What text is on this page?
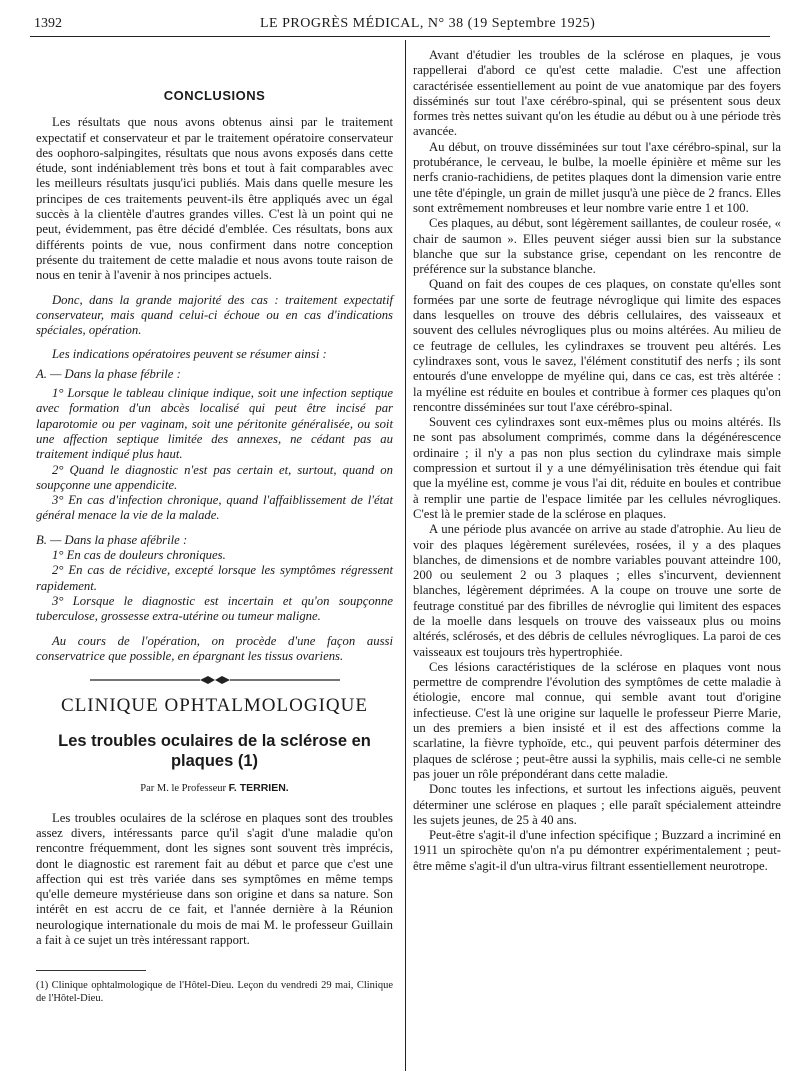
1392	LE PROGRÈS MÉDICAL, N° 38 (19 Septembre 1925)
CONCLUSIONS

Les résultats que nous avons obtenus ainsi par le traitement expectatif et conservateur et par le traitement opératoire conservateur des oophoro-salpingites, résultats que nous avons exposés dans cette étude, sont indéniablement très bons et tout à fait comparables avec les meilleurs résultats jusqu'ici publiés. Mais dans quelle mesure les principes de ces traitements peuvent-ils être appliqués avec un égal succès à la clientèle d'autres grandes villes. C'est là un point qui ne peut, évidemment, pas être décidé d'emblée. Ces résultats, bons aux différents points de vue, nous confirment dans notre conception présente du traitement de cette maladie et nous avons toute raison de nous en tenir à l'avenir à nos principes actuels.

Donc, dans la grande majorité des cas : traitement expectatif conservateur, mais quand celui-ci échoue ou en cas d'indications spéciales, opération.

Les indications opératoires peuvent se résumer ainsi :

A. — Dans la phase fébrile :

1° Lorsque le tableau clinique indique, soit une infection septique avec formation d'un abcès localisé qui peut être incisé par laparotomie ou per vaginam, soit une péritonite généralisée, ou soit une affection septique limitée des annexes, ne cédant pas au traitement indiqué plus haut.

2° Quand le diagnostic n'est pas certain et, surtout, quand on soupçonne une appendicite.

3° En cas d'infection chronique, quand l'affaiblissement de l'état général menace la vie de la malade.

B. — Dans la phase afébrile :

1° En cas de douleurs chroniques.

2° En cas de récidive, excepté lorsque les symptômes régressent rapidement.

3° Lorsque le diagnostic est incertain et qu'on soupçonne tuberculose, grossesse extra-utérine ou tumeur maligne.

Au cours de l'opération, on procède d'une façon aussi conservatrice que possible, en épargnant les tissus ovariens.

CLINIQUE OPHTALMOLOGIQUE
Les troubles oculaires de la sclérose en plaques (1)
Par M. le Professeur F. TERRIEN.

Les troubles oculaires de la sclérose en plaques sont des troubles assez divers, intéressants parce qu'il s'agit d'une maladie qu'on rencontre fréquemment, dont les signes sont souvent très imprécis, dont le diagnostic est rarement fait au début et parce que c'est une affection qui est très variée dans ses symptômes en même temps qu'elle demeure mystérieuse dans son origine et dans sa nature. Son intérêt en est accru de ce fait, et l'année dernière à la Réunion neurologique internationale du mois de mai M. le professeur Guillain a fait à ce sujet un très intéressant rapport.

(1) Clinique ophtalmologique de l'Hôtel-Dieu. Leçon du vendredi 29 mai, Clinique de l'Hôtel-Dieu.

Avant d'étudier les troubles de la sclérose en plaques, je vous rappellerai d'abord ce qu'est cette maladie. C'est une affection caractérisée essentiellement au point de vue anatomique par des foyers disséminés sur tout l'axe cérébro-spinal, qui se présentent sous deux formes très nettes suivant qu'on les étudie au début ou à une période très avancée.

Au début, on trouve disséminées sur tout l'axe cérébro-spinal, sur la protubérance, le cerveau, le bulbe, la moelle épinière et même sur les nerfs cranio-rachidiens, de petites plaques dont la dimension varie entre une tête d'épingle, un grain de millet jusqu'à une pièce de 2 francs. Elles sont extrêmement nombreuses et leur nombre varie entre 1 et 100.

Ces plaques, au début, sont légèrement saillantes, de couleur rosée, « chair de saumon ». Elles peuvent siéger aussi bien sur la substance blanche que sur la substance grise, cependant on les rencontre de préférence sur la substance blanche.

Quand on fait des coupes de ces plaques, on constate qu'elles sont formées par une sorte de feutrage névroglique qui limite des espaces dans lesquelles on trouve des débris cellulaires, des vaisseaux et souvent des cellules névrogliques plus ou moins altérées. Au milieu de ce feutrage de cellules, les cylindraxes se trouvent peu altérés. Les cylindraxes sont, vous le savez, l'élément constitutif des nerfs ; ils sont entourés d'une enveloppe de myéline qui, dans ce cas, est très altérée : la myéline est réduite en boules et contribue à former ces plaques qu'on rencontre disséminées sur tout l'axe cérébro-spinal.

Souvent ces cylindraxes sont eux-mêmes plus ou moins altérés. Ils ne sont pas absolument comprimés, comme dans la dégénérescence ordinaire ; il n'y a pas non plus section du cylindraxe mais simple compression et surtout il y a une démyélinisation très étendue qui fait que la myéline est, comme je vous l'ai dit, réduite en boules et contribue à remplir une partie de l'espace limitée par les cellules névrogliques. C'est là le premier stade de la sclérose en plaques.

A une période plus avancée on arrive au stade d'atrophie. Au lieu de voir des plaques légèrement surélevées, rosées, il y a des plaques blanches, de dimensions et de nombre variables pouvant atteindre 100, 200 ou seulement 2 ou 3 plaques ; elles s'incurvent, deviennent blanches, légèrement déprimées. A la coupe on trouve une sorte de feutrage constitué par des fibrilles de névroglie qui limitent des espaces de la moelle dans lesquels on trouve des vaisseaux plus ou moins altérés, sclérosés, et des débris de cellules névrogliques. La paroi de ces vaisseaux est toujours très hypertrophiée.

Ces lésions caractéristiques de la sclérose en plaques vont nous permettre de comprendre l'évolution des symptômes de cette maladie à étiologie, encore mal connue, qui semble avant tout d'origine infectieuse. C'est là une origine sur laquelle le professeur Pierre Marie, un des premiers a bien insisté et il est des affections comme la scarlatine, la fièvre typhoïde, etc., qui peuvent parfois déterminer des plaques de sclérose ; peut-être aussi la syphilis, mais celle-ci ne semble pas jouer un rôle prépondérant dans cette maladie.

Donc toutes les infections, et surtout les infections aiguës, peuvent déterminer une sclérose en plaques ; elle paraît spécialement atteindre les sujets jeunes, de 25 à 40 ans.

Peut-être s'agit-il d'une infection spécifique ; Buzzard a incriminé en 1911 un spirochète qu'on n'a pu démontrer expérimentalement ; peut-être même s'agit-il d'un ultra-virus filtrant essentiellement neurotrope.
